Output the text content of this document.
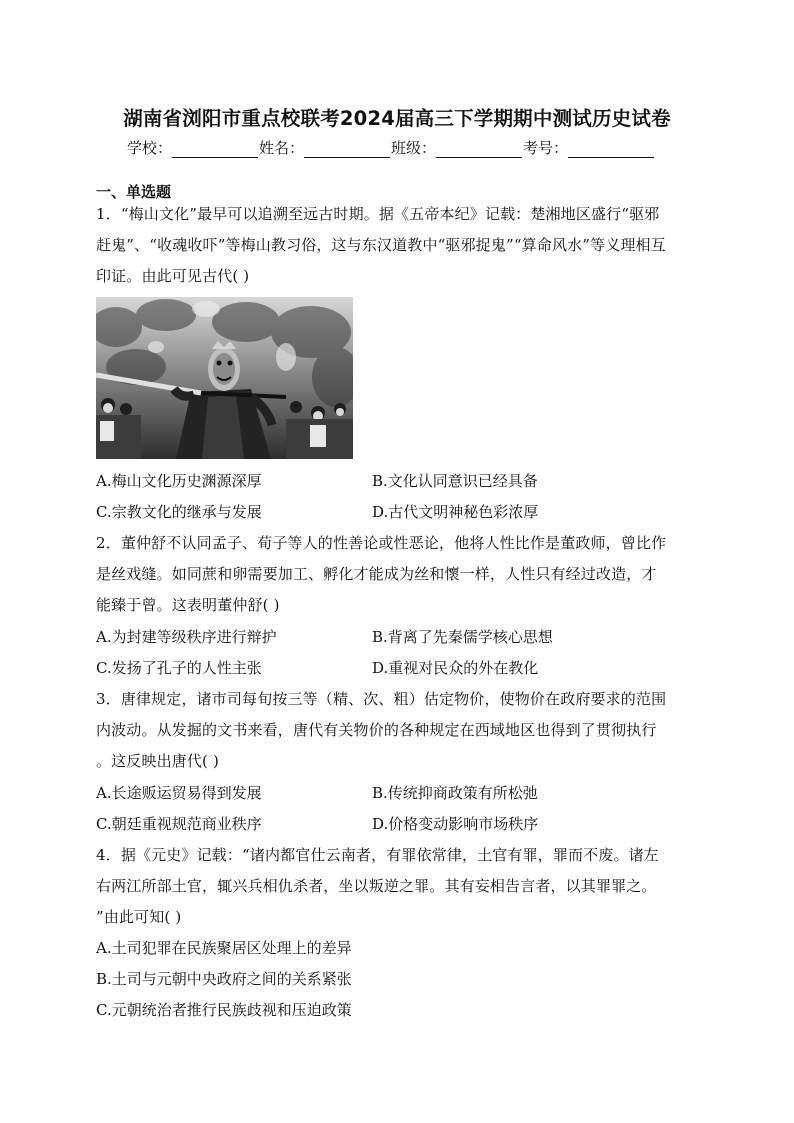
湖南省浏阳市重点校联考2024届高三下学期期中测试历史试卷
学校：	姓名：	班级：	考号：
一、单选题
1．“梅山文化”最早可以追溯至远古时期。据《五帝本纪》记载：楚湘地区盛行“驱邪
赶鬼”、“收魂收吓”等梅山教习俗，这与东汉道教中“驱邪捉鬼”“算命风水”等义理相互
印证。由此可见古代( )
A.梅山文化历史渊源深厚	B.文化认同意识已经具备
C.宗教文化的继承与发展	D.古代文明神秘色彩浓厚
2．董仲舒不认同孟子、荀子等人的性善论或性恶论，他将人性比作是董政师，曾比作
是丝戏缝。如同蔗和卵需要加工、孵化才能成为丝和懷一样，人性只有经过改造，才
能臻于曾。这表明董仲舒( )
A.为封建等级秩序进行辩护	B.背离了先秦儒学核心思想
C.发扬了孔子的人性主张	D.重视对民众的外在教化
3．唐律规定，诸市司每旬按三等（精、次、粗）估定物价，使物价在政府要求的范围
内波动。从发掘的文书来看，唐代有关物价的各种规定在西域地区也得到了贯彻执行
。这反映出唐代( )
A.长途贩运贸易得到发展	B.传统抑商政策有所松弛
C.朝廷重视规范商业秩序	D.价格变动影响市场秩序
4．据《元史》记载：“诸内都官仕云南者，有罪依常律，土官有罪，罪而不废。诸左
右两江所部土官，辄兴兵相仇杀者，坐以叛逆之罪。其有妄相告言者，以其罪罪之。
”由此可知( )
A.土司犯罪在民族聚居区处理上的差异
B.土司与元朝中央政府之间的关系紧张
C.元朝统治者推行民族歧视和压迫政策
